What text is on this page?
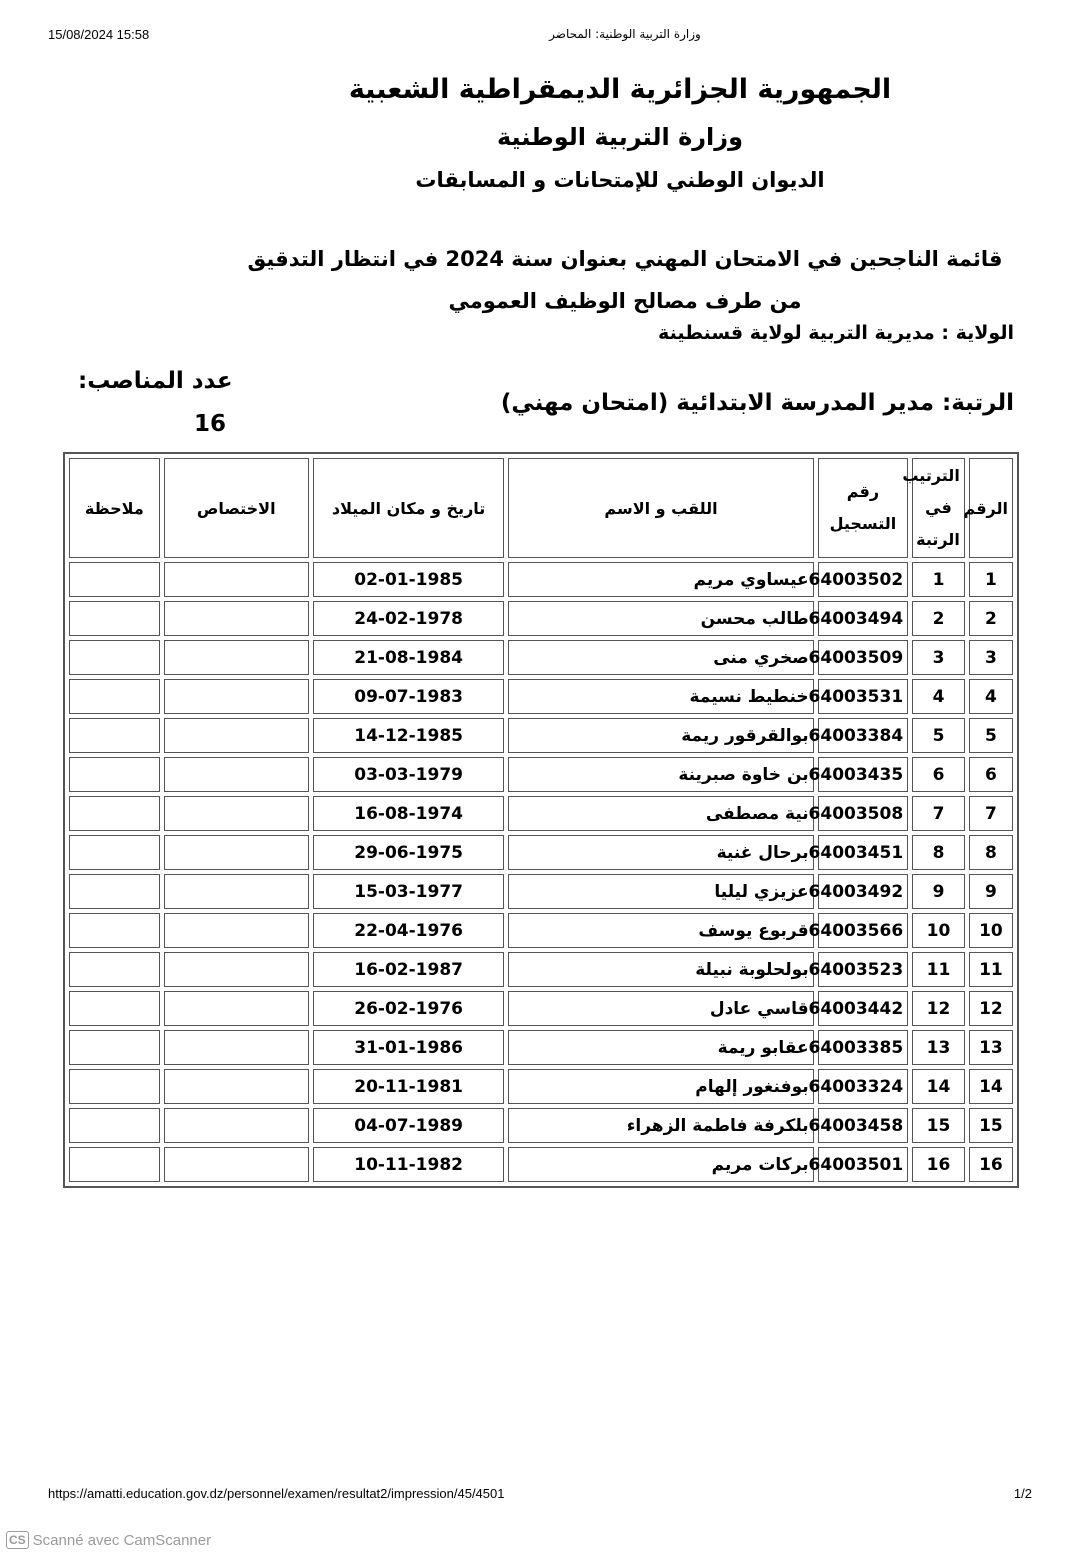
15/08/2024 15:58	وزارة التربية الوطنية: المحاضر
الجمهورية الجزائرية الديمقراطية الشعبية
وزارة التربية الوطنية
الديوان الوطني للإمتحانات و المسابقات
قائمة الناجحين في الامتحان المهني بعنوان سنة 2024 في انتظار التدقيق من طرف مصالح الوظيف العمومي
الولاية : مديرية التربية لولاية قسنطينة
عدد المناصب:
16
الرتبة: مدير المدرسة الابتدائية (امتحان مهني)
الرقم	الترتيب في الرتبة	رقم التسجيل	اللقب و الاسم	تاريخ و مكان الميلاد	الاختصاص	ملاحظة
1	1	64003502	عيساوي مريم	02-01-1985		
2	2	64003494	طالب محسن	24-02-1978		
3	3	64003509	صخري منى	21-08-1984		
4	4	64003531	خنطيط نسيمة	09-07-1983		
5	5	64003384	بوالقرقور ريمة	14-12-1985		
6	6	64003435	بن خاوة صبرينة	03-03-1979		
7	7	64003508	نية مصطفى	16-08-1974		
8	8	64003451	برحال غنية	29-06-1975		
9	9	64003492	عزيزي ليليا	15-03-1977		
10	10	64003566	قربوع يوسف	22-04-1976		
11	11	64003523	بولحلوبة نبيلة	16-02-1987		
12	12	64003442	قاسي عادل	26-02-1976		
13	13	64003385	عقابو ريمة	31-01-1986		
14	14	64003324	بوفنغور إلهام	20-11-1981		
15	15	64003458	بلكرفة فاطمة الزهراء	04-07-1989		
16	16	64003501	بركات مريم	10-11-1982		
https://amatti.education.gov.dz/personnel/examen/resultat2/impression/45/4501	1/2
CS Scanné avec CamScanner
